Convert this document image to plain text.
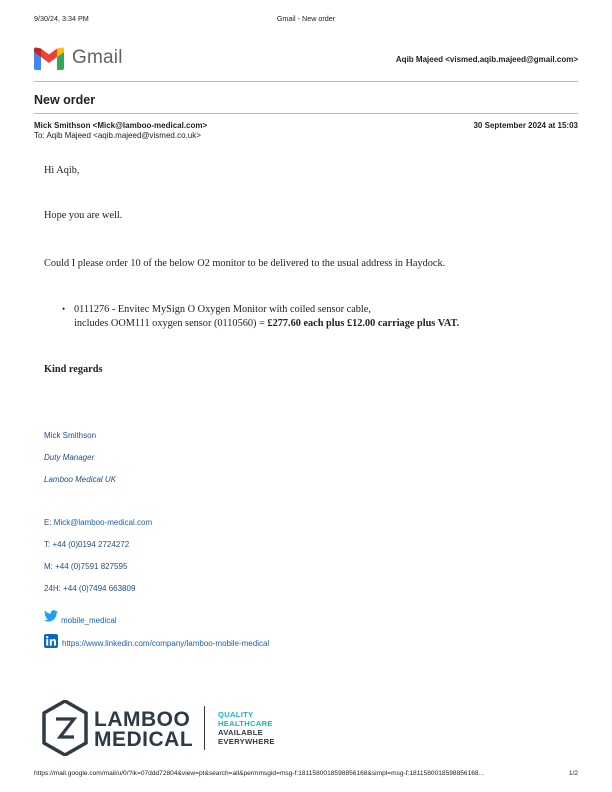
9/30/24, 3:34 PM	Gmail - New order
Gmail	Aqib Majeed <vismed.aqib.majeed@gmail.com>
New order
Mick Smithson <Mick@lamboo-medical.com>	30 September 2024 at 15:03
To: Aqib Majeed <aqib.majeed@vismed.co.uk>
Hi Aqib,
Hope you are well.
Could I please order 10 of the below O2 monitor to be delivered to the usual address in Haydock.
• 0111276 - Envitec MySign O Oxygen Monitor with coiled sensor cable,
includes OOM111 oxygen sensor (0110560) = £277.60 each plus £12.00 carriage plus VAT.
Kind regards
Mick Smithson
Duty Manager
Lamboo Medical UK
E: Mick@lamboo-medical.com
T: +44 (0)0194 2724272
M: +44 (0)7591 827595
24H: +44 (0)7494 663809
mobile_medical
https://www.linkedin.com/company/lamboo-mobile-medical
LAMBOO
MEDICAL
QUALITY
HEALTHCARE
AVAILABLE
EVERYWHERE
https://mail.google.com/mail/u/0/?ik=07ddd72804&view=pt&search=all&permmsgid=msg-f:1811580018598856168&simpl=msg-f:1811580018598856168...	1/2
